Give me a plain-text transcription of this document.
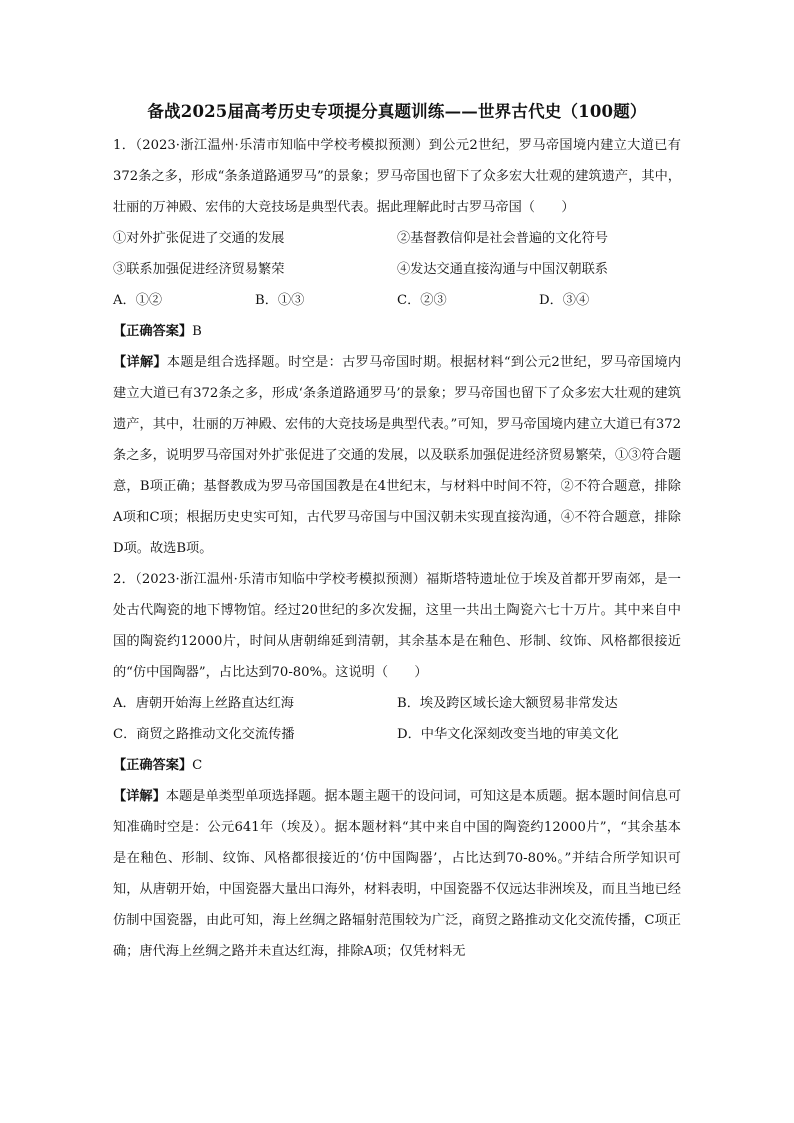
备战2025届高考历史专项提分真题训练——世界古代史（100题）

1．（2023·浙江温州·乐清市知临中学校考模拟预测）到公元2世纪，罗马帝国境内建立大道已有372条之多，形成“条条道路通罗马”的景象；罗马帝国也留下了众多宏大壮观的建筑遗产，其中，壮丽的万神殿、宏伟的大竞技场是典型代表。据此理解此时古罗马帝国（　　）

①对外扩张促进了交通的发展	②基督教信仰是社会普遍的文化符号
③联系加强促进经济贸易繁荣	④发达交通直接沟通与中国汉朝联系
A．①②	B．①③	C．②③	D．③④

【正确答案】B

【详解】本题是组合选择题。时空是：古罗马帝国时期。根据材料“到公元2世纪，罗马帝国境内建立大道已有372条之多，形成‘条条道路通罗马’的景象；罗马帝国也留下了众多宏大壮观的建筑遗产，其中，壮丽的万神殿、宏伟的大竞技场是典型代表。”可知，罗马帝国境内建立大道已有372条之多，说明罗马帝国对外扩张促进了交通的发展，以及联系加强促进经济贸易繁荣，①③符合题意，B项正确；基督教成为罗马帝国国教是在4世纪末，与材料中时间不符，②不符合题意，排除A项和C项；根据历史史实可知，古代罗马帝国与中国汉朝未实现直接沟通，④不符合题意，排除D项。故选B项。

2．（2023·浙江温州·乐清市知临中学校考模拟预测）福斯塔特遗址位于埃及首都开罗南郊，是一处古代陶瓷的地下博物馆。经过20世纪的多次发掘，这里一共出土陶瓷六七十万片。其中来自中国的陶瓷约12000片，时间从唐朝绵延到清朝，其余基本是在釉色、形制、纹饰、风格都很接近的“仿中国陶器”，占比达到70-80%。这说明（　　）

A．唐朝开始海上丝路直达红海	B．埃及跨区域长途大额贸易非常发达
C．商贸之路推动文化交流传播	D．中华文化深刻改变当地的审美文化

【正确答案】C

【详解】本题是单类型单项选择题。据本题主题干的设问词，可知这是本质题。据本题时间信息可知准确时空是：公元641年（埃及）。据本题材料“其中来自中国的陶瓷约12000片”，“其余基本是在釉色、形制、纹饰、风格都很接近的‘仿中国陶器’，占比达到70-80%。”并结合所学知识可知，从唐朝开始，中国瓷器大量出口海外，材料表明，中国瓷器不仅远达非洲埃及，而且当地已经仿制中国瓷器，由此可知，海上丝绸之路辐射范围较为广泛，商贸之路推动文化交流传播，C项正确；唐代海上丝绸之路并未直达红海，排除A项；仅凭材料无
